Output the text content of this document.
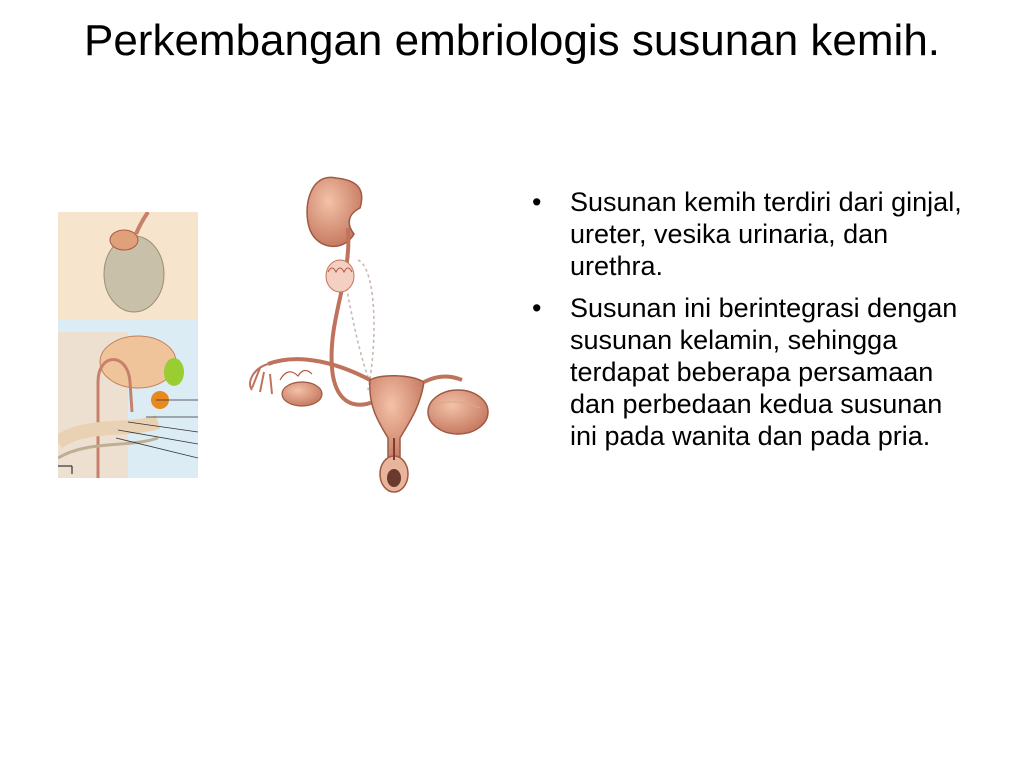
Perkembangan embriologis susunan kemih.
• Susunan kemih terdiri dari ginjal, ureter, vesika urinaria, dan urethra.
• Susunan ini berintegrasi dengan susunan kelamin, sehingga terdapat beberapa persamaan dan perbedaan kedua susunan ini pada wanita dan pada pria.
